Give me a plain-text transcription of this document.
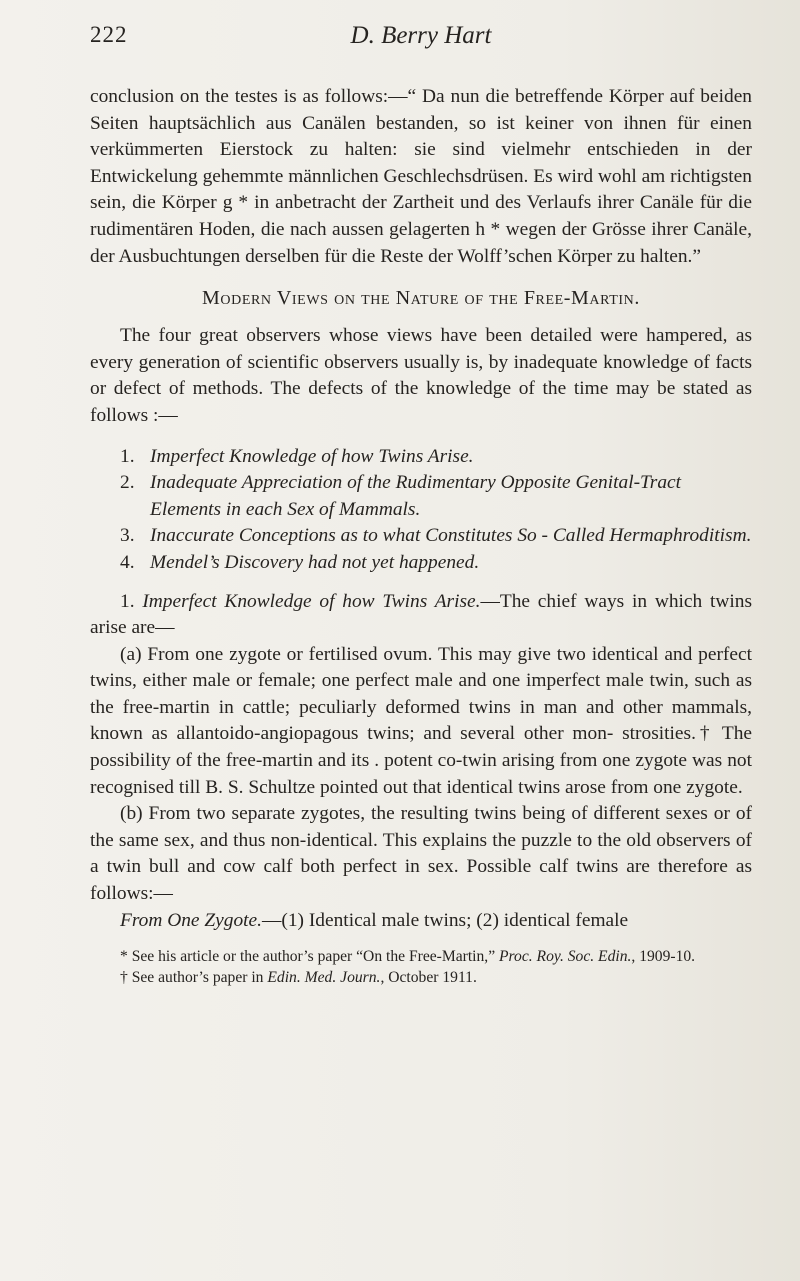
222	D. Berry Hart

conclusion on the testes is as follows:—“ Da nun die betreffende Körper auf beiden Seiten hauptsächlich aus Canälen bestanden, so ist keiner von ihnen für einen verkümmerten Eierstock zu halten: sie sind vielmehr entschieden in der Entwickelung gehemmte männlichen Geschlechsdrüsen. Es wird wohl am richtigsten sein, die Körper g * in anbetracht der Zartheit und des Verlaufs ihrer Canäle für die rudimentären Hoden, die nach aussen gelagerten h * wegen der Grösse ihrer Canäle, der Ausbuchtungen derselben für die Reste der Wolff’schen Körper zu halten.”

Modern Views on the Nature of the Free-Martin.

The four great observers whose views have been detailed were hampered, as every generation of scientific observers usually is, by inadequate knowledge of facts or defect of methods. The defects of the knowledge of the time may be stated as follows :—

1. Imperfect Knowledge of how Twins Arise.
2. Inadequate Appreciation of the Rudimentary Opposite Genital-Tract Elements in each Sex of Mammals.
3. Inaccurate Conceptions as to what Constitutes So - Called Hermaphroditism.
4. Mendel’s Discovery had not yet happened.

1. Imperfect Knowledge of how Twins Arise.—The chief ways in which twins arise are—

(a) From one zygote or fertilised ovum. This may give two identical and perfect twins, either male or female; one perfect male and one imperfect male twin, such as the free-martin in cattle; peculiarly deformed twins in man and other mammals, known as allantoido-angiopagous twins; and several other mon- strosities.† The possibility of the free-martin and its . potent co-twin arising from one zygote was not recognised till B. S. Schultze pointed out that identical twins arose from one zygote.

(b) From two separate zygotes, the resulting twins being of different sexes or of the same sex, and thus non-identical. This explains the puzzle to the old observers of a twin bull and cow calf both perfect in sex. Possible calf twins are therefore as follows:—

From One Zygote.—(1) Identical male twins; (2) identical female

* See his article or the author’s paper “On the Free-Martin,” Proc. Roy. Soc. Edin., 1909-10.

† See author’s paper in Edin. Med. Journ., October 1911.
